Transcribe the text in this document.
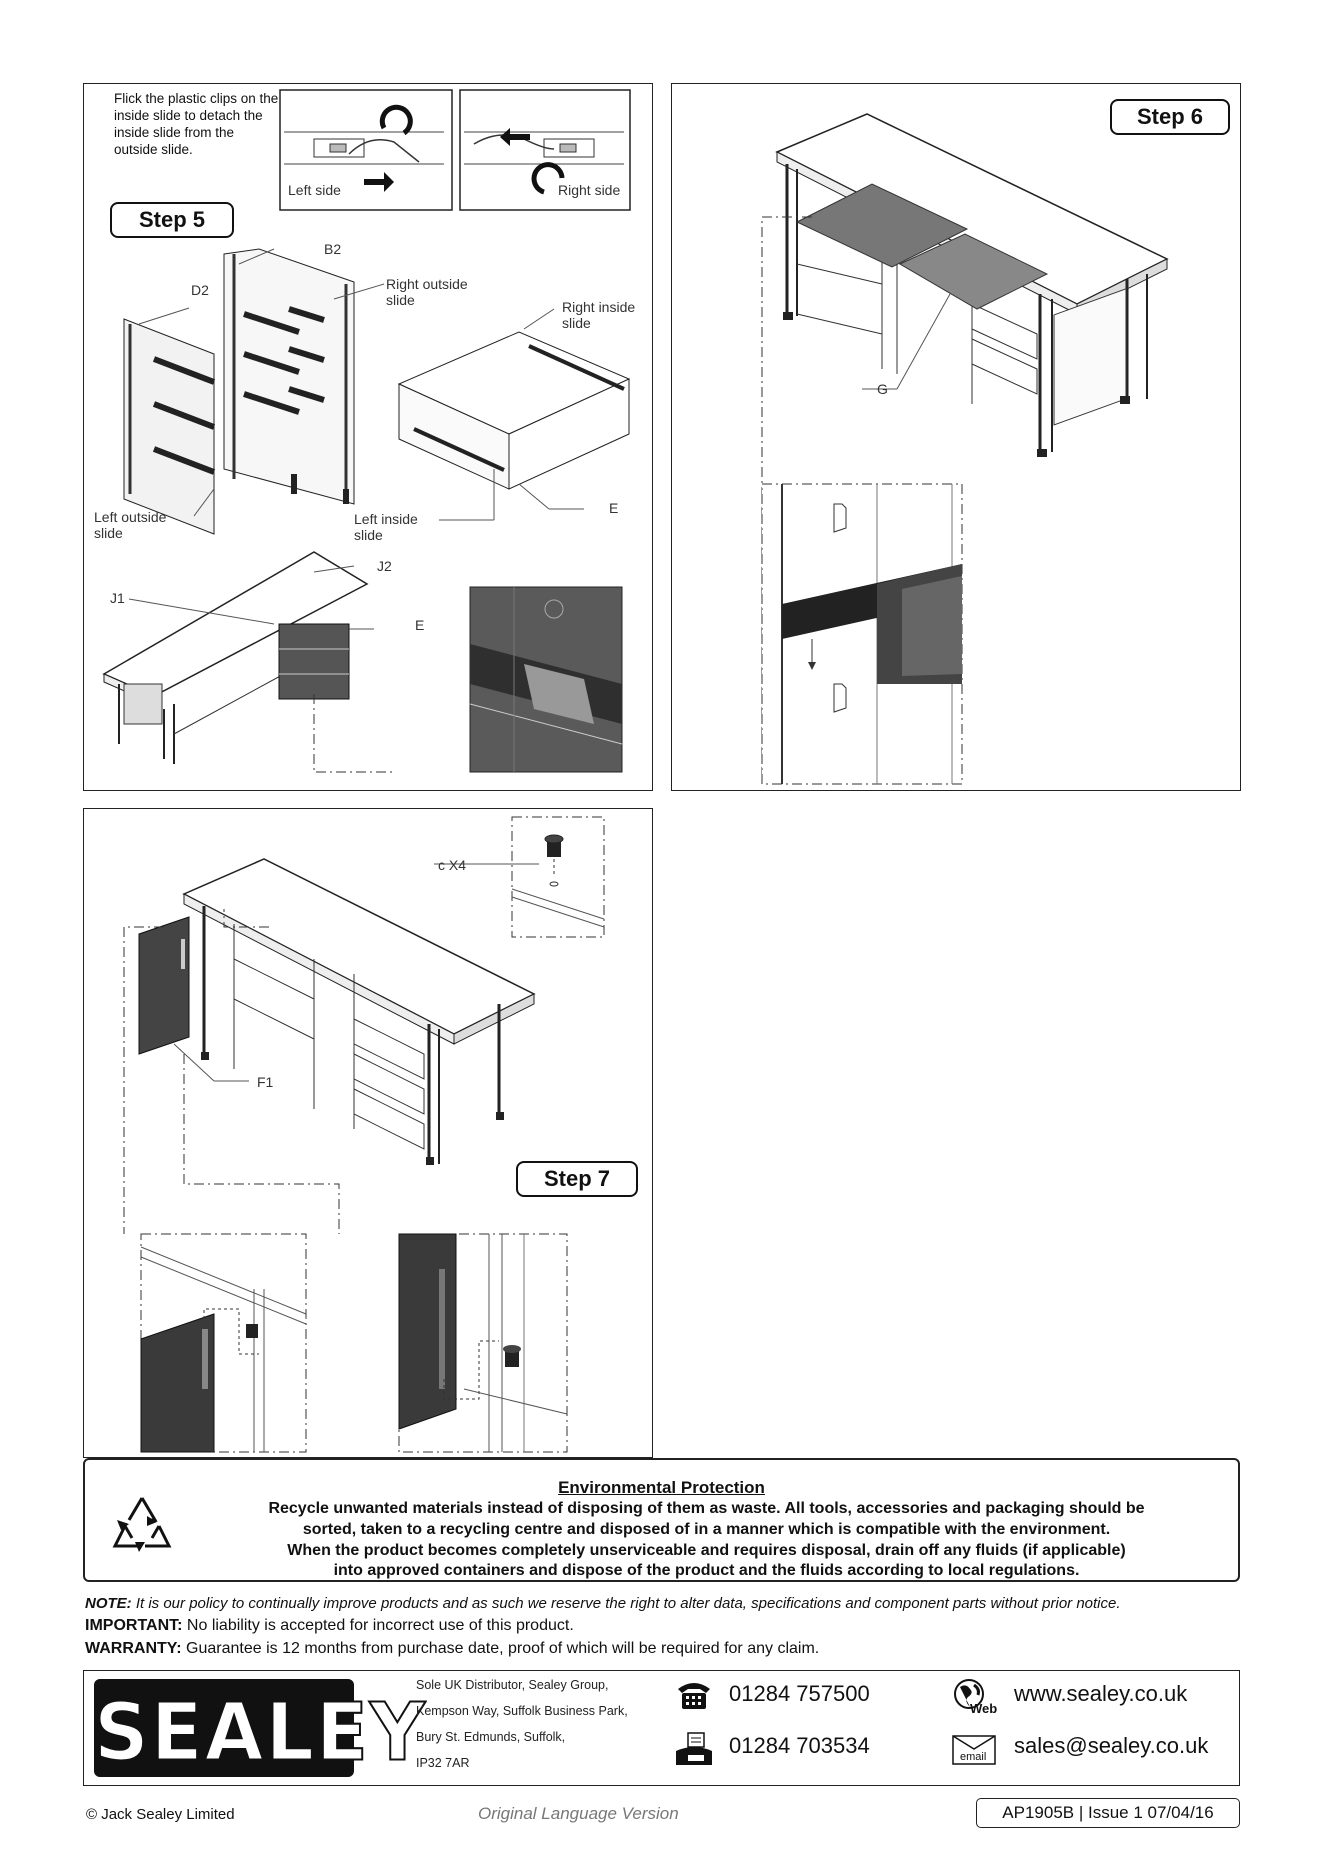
Flick the plastic clips on the inside slide to detach the inside slide from the outside slide.
Left side	Right side
Step 5
B2
D2	Right outside
slide	Right inside
slide
Left outside
slide
Left inside
slide
E
J1
J2
E
Step 6
G
c X4
F1
Step 7
Environmental Protection
Recycle unwanted materials instead of disposing of them as waste. All tools, accessories and packaging should be
sorted, taken to a recycling centre and disposed of in a manner which is compatible with the environment.
When the product becomes completely unserviceable and requires disposal, drain off any fluids (if applicable)
into approved containers and dispose of the product and the fluids according to local regulations.
NOTE: It is our policy to continually improve products and as such we reserve the right to alter data, specifications and component parts without prior notice.
IMPORTANT: No liability is accepted for incorrect use of this product.
WARRANTY: Guarantee is 12 months from purchase date, proof of which will be required for any claim.
SEALEY
Sole UK Distributor, Sealey Group,
Kempson Way, Suffolk Business Park,
Bury St. Edmunds, Suffolk,
IP32 7AR
01284 757500
01284 703534
Web
www.sealey.co.uk
email sales@sealey.co.uk
© Jack Sealey Limited	Original Language Version	AP1905B | Issue 1 07/04/16
